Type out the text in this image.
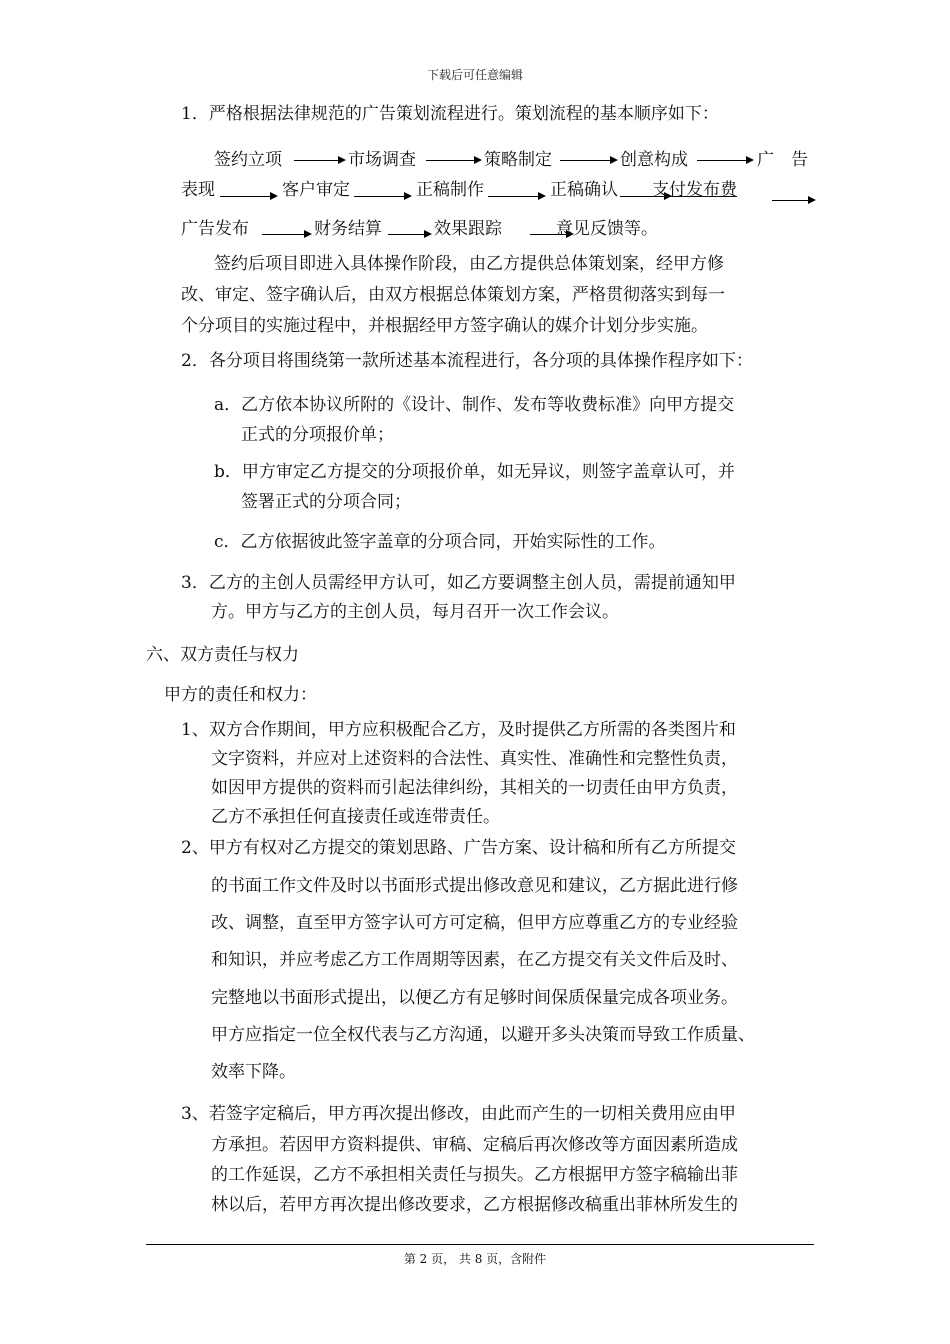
下载后可任意编辑
1．严格根据法律规范的广告策划流程进行。策划流程的基本顺序如下：
签约立项	市场调查	策略制定	创意构成	广　告
表现	客户审定	正稿制作	正稿确认 支付发布费
广告发布	财务结算	效果跟踪	意见反馈等。
签约后项目即进入具体操作阶段，由乙方提供总体策划案，经甲方修
改、审定、签字确认后，由双方根据总体策划方案，严格贯彻落实到每一
个分项目的实施过程中，并根据经甲方签字确认的媒介计划分步实施。
2．各分项目将围绕第一款所述基本流程进行，各分项的具体操作程序如下：
a．乙方依本协议所附的《设计、制作、发布等收费标准》向甲方提交
正式的分项报价单；
b．甲方审定乙方提交的分项报价单，如无异议，则签字盖章认可，并
签署正式的分项合同；
c．乙方依据彼此签字盖章的分项合同，开始实际性的工作。
3．乙方的主创人员需经甲方认可，如乙方要调整主创人员，需提前通知甲
方。甲方与乙方的主创人员，每月召开一次工作会议。
六、双方责任与权力
甲方的责任和权力：
1、双方合作期间，甲方应积极配合乙方，及时提供乙方所需的各类图片和
文字资料，并应对上述资料的合法性、真实性、准确性和完整性负责，
如因甲方提供的资料而引起法律纠纷，其相关的一切责任由甲方负责，
乙方不承担任何直接责任或连带责任。
2、甲方有权对乙方提交的策划思路、广告方案、设计稿和所有乙方所提交
的书面工作文件及时以书面形式提出修改意见和建议，乙方据此进行修
改、调整，直至甲方签字认可方可定稿，但甲方应尊重乙方的专业经验
和知识，并应考虑乙方工作周期等因素，在乙方提交有关文件后及时、
完整地以书面形式提出，以便乙方有足够时间保质保量完成各项业务。
甲方应指定一位全权代表与乙方沟通，以避开多头决策而导致工作质量、
效率下降。
3、若签字定稿后，甲方再次提出修改，由此而产生的一切相关费用应由甲
方承担。若因甲方资料提供、审稿、定稿后再次修改等方面因素所造成
的工作延误，乙方不承担相关责任与损失。乙方根据甲方签字稿输出菲
林以后，若甲方再次提出修改要求，乙方根据修改稿重出菲林所发生的
第 2 页， 共 8 页，含附件
